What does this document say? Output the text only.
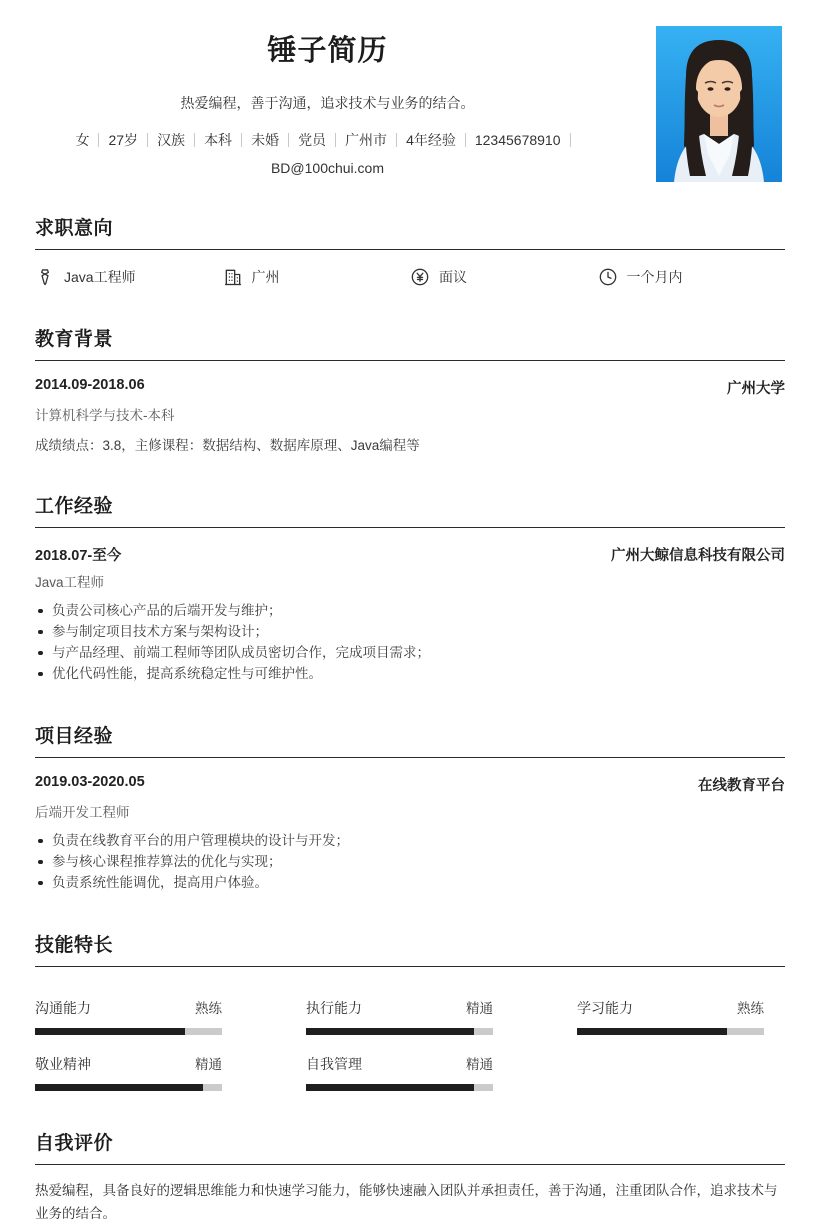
锤子简历
热爱编程，善于沟通，追求技术与业务的结合。
女 27岁 汉族 本科 未婚 党员 广州市 4年经验 12345678910
BD@100chui.com
求职意向
Java工程师	广州	面议	一个月内
教育背景
2014.09-2018.06	广州大学
计算机科学与技术-本科
成绩绩点：3.8，主修课程：数据结构、数据库原理、Java编程等
工作经验
2018.07-至今	广州大鲸信息科技有限公司
Java工程师
负责公司核心产品的后端开发与维护；
参与制定项目技术方案与架构设计；
与产品经理、前端工程师等团队成员密切合作，完成项目需求；
优化代码性能，提高系统稳定性与可维护性。
项目经验
2019.03-2020.05	在线教育平台
后端开发工程师
负责在线教育平台的用户管理模块的设计与开发；
参与核心课程推荐算法的优化与实现；
负责系统性能调优，提高用户体验。
技能特长
沟通能力	熟练	执行能力	精通	学习能力	熟练
敬业精神	精通	自我管理	精通
自我评价
热爱编程，具备良好的逻辑思维能力和快速学习能力，能够快速融入团队并承担责任，善于沟通，注重团队合作，追求技术与业务的结合。
